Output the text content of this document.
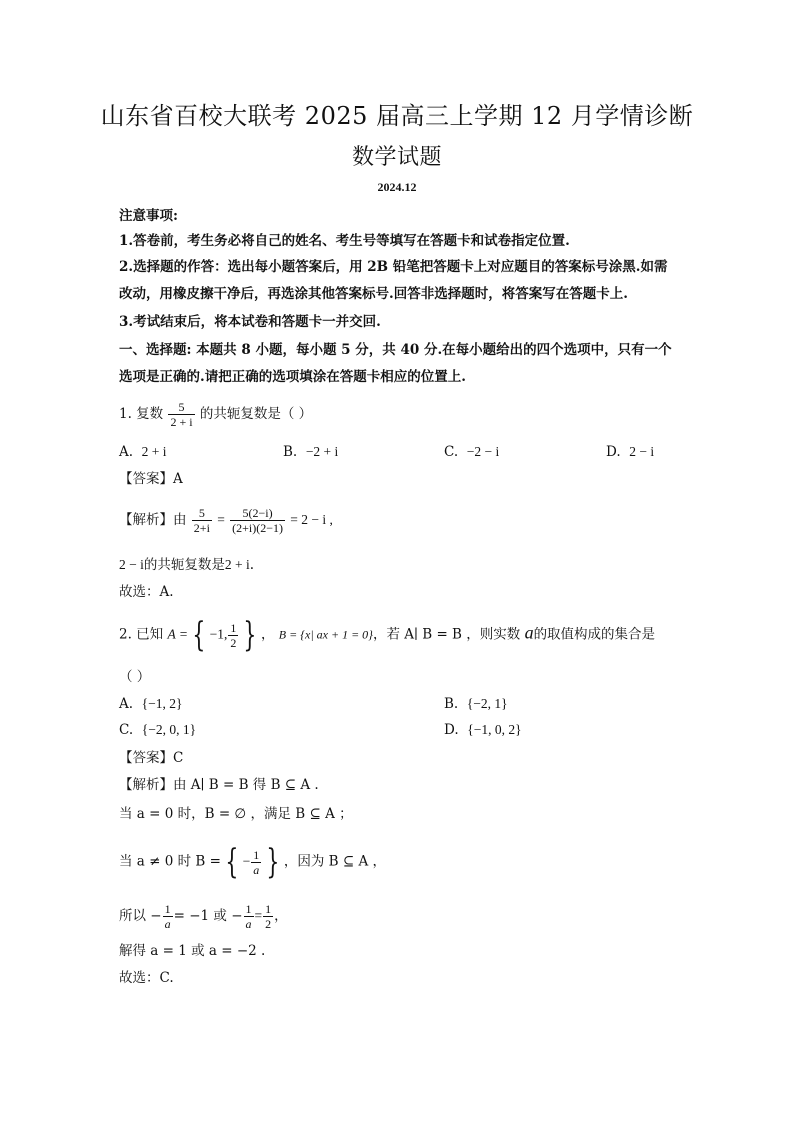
山东省百校大联考 2025 届高三上学期 12 月学情诊断
数学试题
2024.12
注意事项:
1.答卷前，考生务必将自己的姓名、考生号等填写在答题卡和试卷指定位置.
2.选择题的作答：选出每小题答案后，用 2B 铅笔把答题卡上对应题目的答案标号涂黑.如需
改动，用橡皮擦干净后，再选涂其他答案标号.回答非选择题时，将答案写在答题卡上.
3.考试结束后，将本试卷和答题卡一并交回.
一、选择题: 本题共 8 小题，每小题 5 分，共 40 分.在每小题给出的四个选项中，只有一个
选项是正确的.请把正确的选项填涂在答题卡相应的位置上.
1. 复数 $\frac{5}{2 + i}$ 的共轭复数是（ ）
A. 2 + i	B. −2 + i	C. −2 − i	D. 2 − i
【答案】A
【解析】由 $\frac{5}{2+i} = \frac{5(2-i)}{(2+i)(2-1)} = 2 - i$ ,
2 − i的共轭复数是2 + i.
故选：A.
2. 已知 A = { −1, $\frac{1}{2}$ } ， B = {x| ax + 1 = 0}，若 A∣ B = B ，则实数 a的取值构成的集合是
（ ）
A. {−1, 2}	B. {−2, 1}
C. {−2, 0, 1}	D. {−1, 0, 2}
【答案】C
【解析】由 A∣ B = B 得 B ⊆ A .
当 a = 0 时，B = ∅ ，满足 B ⊆ A ；
当 a ≠ 0 时 B = { − $\frac{1}{a}$ } ，因为 B ⊆ A ，
所以 − $\frac{1}{a} = -1$ 或 − $\frac{1}{a} = \frac{1}{2}$ ，
解得 a = 1 或 a = −2 .
故选：C.
